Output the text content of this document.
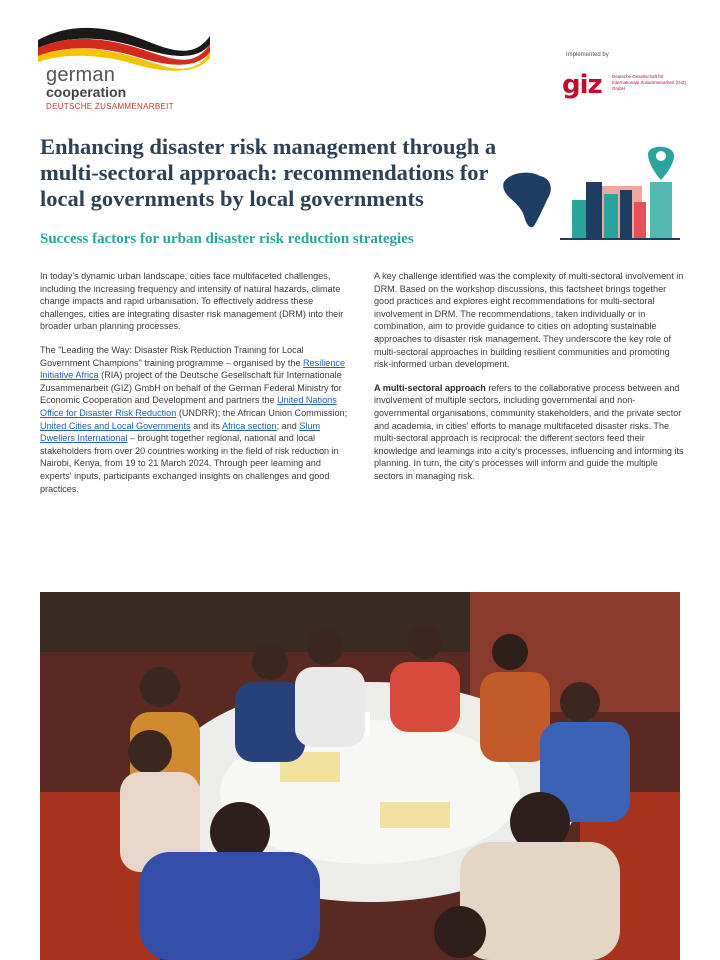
german
cooperation
DEUTSCHE ZUSAMMENARBEIT
Implemented by
giz Deutsche Gesellschaft für Internationale Zusammenarbeit (GIZ) GmbH
Enhancing disaster risk management through a multi-sectoral approach: recommendations for local governments by local governments
Success factors for urban disaster risk reduction strategies

In today's dynamic urban landscape, cities face multifaceted challenges, including the increasing frequency and intensity of natural hazards, climate change impacts and rapid urbanisation. To effectively address these challenges, cities are integrating disaster risk management (DRM) into their broader urban planning processes.

The "Leading the Way: Disaster Risk Reduction Training for Local Government Champions" training programme – organised by the Resilience Initiative Africa (RIA) project of the Deutsche Gesellschaft für Internationale Zusammenarbeit (GIZ) GmbH on behalf of the German Federal Ministry for Economic Cooperation and Development and partners the United Nations Office for Disaster Risk Reduction (UNDRR); the African Union Commission; United Cities and Local Governments and its Africa section; and Slum Dwellers International – brought together regional, national and local stakeholders from over 20 countries working in the field of risk reduction in Nairobi, Kenya, from 19 to 21 March 2024. Through peer learning and experts' inputs, participants exchanged insights on challenges and good practices.

A key challenge identified was the complexity of multi-sectoral involvement in DRM. Based on the workshop discussions, this factsheet brings together good practices and explores eight recommendations for multi-sectoral involvement in DRM. The recommendations, taken individually or in combination, aim to provide guidance to cities on adopting sustainable approaches to disaster risk management. They underscore the key role of multi-sectoral approaches in building resilient communities and promoting risk-informed urban development.

A multi-sectoral approach refers to the collaborative process between and involvement of multiple sectors, including governmental and non-governmental organisations, community stakeholders, and the private sector and academia, in cities' efforts to manage multifaceted disaster risks. The multi-sectoral approach is reciprocal: the different sectors feed their knowledge and learnings into a city's processes, influencing and informing its planning. In turn, the city's processes will inform and guide the multiple sectors in managing risk.
